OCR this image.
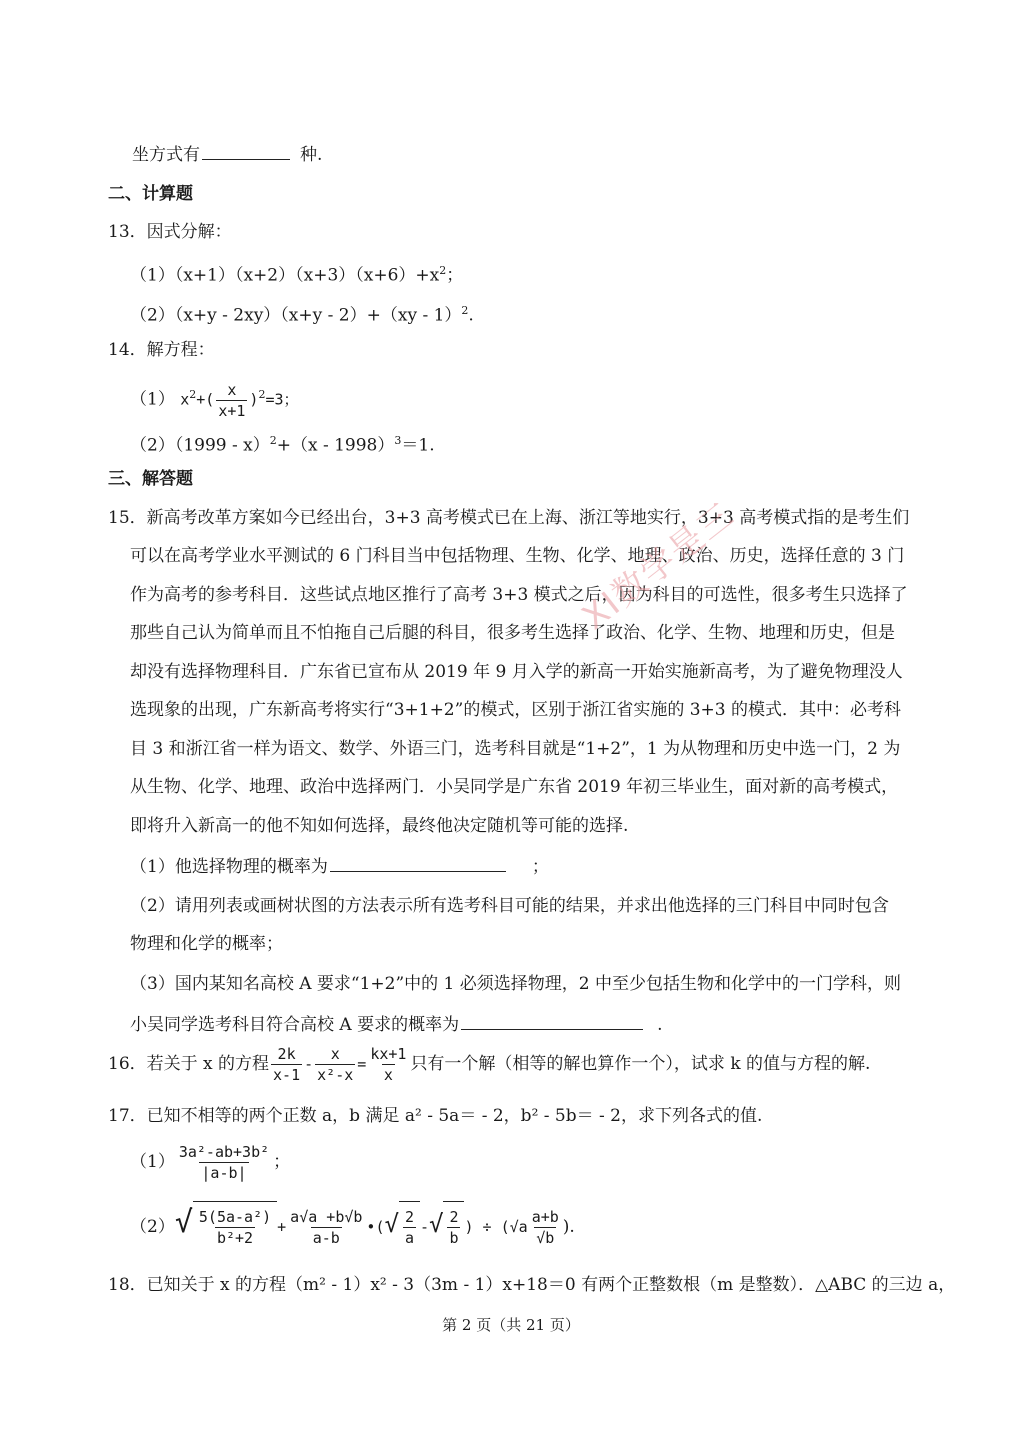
坐方式有	种.
二、计算题
13．因式分解：
$(1)(x+1)(x+2)(x+3)(x+6)+x^2$；
（2）（x+y - 2xy）（x+y - 2）+（xy - 1）$^2$.
14．解方程：
（1） $x^2+( \frac{x}{x+1} )^2=3$；
（2）（1999 - x）$^2$+（x - 1998）$^3$＝1.
三、解答题
15．新高考改革方案如今已经出台，3+3 高考模式已在上海、浙江等地实行，3+3 高考模式指的是考生们
可以在高考学业水平测试的 6 门科目当中包括物理、生物、化学、地理、政治、历史，选择任意的 3 门
作为高考的参考科目．这些试点地区推行了高考 3+3 模式之后，因为科目的可选性，很多考生只选择了
那些自己认为简单而且不怕拖自己后腿的科目，很多考生选择了政治、化学、生物、地理和历史，但是
却没有选择物理科目．广东省已宣布从 2019 年 9 月入学的新高一开始实施新高考，为了避免物理没人
选现象的出现，广东新高考将实行“3+1+2”的模式，区别于浙江省实施的 3+3 的模式．其中：必考科
目 3 和浙江省一样为语文、数学、外语三门，选考科目就是“1+2”，1 为从物理和历史中选一门，2 为
从生物、化学、地理、政治中选择两门．小吴同学是广东省 2019 年初三毕业生，面对新的高考模式，
即将升入新高一的他不知如何选择，最终他决定随机等可能的选择.
（1）他选择物理的概率为	；
（2）请用列表或画树状图的方法表示所有选考科目可能的结果，并求出他选择的三门科目中同时包含
物理和化学的概率；
（3）国内某知名高校 A 要求“1+2”中的 1 必须选择物理，2 中至少包括生物和化学中的一门学科，则
小吴同学选考科目符合高校 A 要求的概率为	.
16．若关于 x 的方程 $\frac{2k}{x-1} - \frac{x}{\text{x²-x}} = \frac{kx+1}{x}$ 只有一个解（相等的解也算作一个），试求 k 的值与方程的解.
17．已知不相等的两个正数 a，b 满足 a² - 5a＝ - 2，b² - 5b＝ - 2，求下列各式的值.
$(1) \frac{\text{3a²-ab+3b²}}{|a-b|}$ ；
$(2)√ \frac{\text{5(5a-a²)}}{\text{b²+2}} + \frac{a√a +b√b}{a-b}$ •(√ $\frac{2}{a}$ -√ $\frac{2}{b}$ ) ÷ ($√a \frac{a+b}{√b}$ ).
18．已知关于 x 的方程（m² - 1）x² - 3（3m - 1）x+18＝0 有两个正整数根（m 是整数）．△ABC 的三边 a，
XI数学是三
第 2 页（共 21 页）
